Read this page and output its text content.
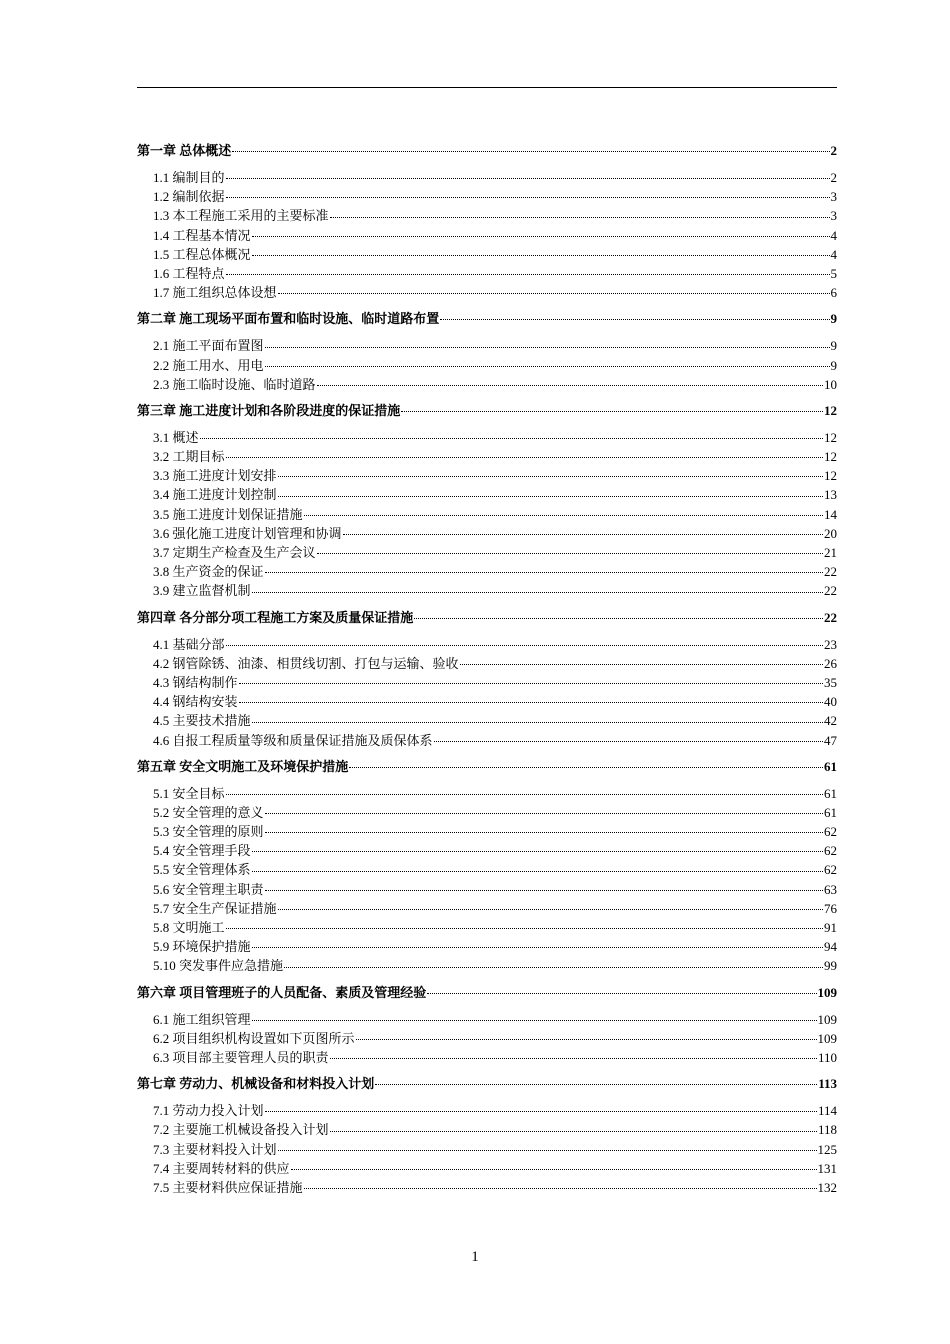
第一章 总体概述	2
1.1 编制目的	2
1.2 编制依据	3
1.3 本工程施工采用的主要标准	3
1.4 工程基本情况	4
1.5 工程总体概况	4
1.6 工程特点	5
1.7 施工组织总体设想	6
第二章 施工现场平面布置和临时设施、临时道路布置	9
2.1 施工平面布置图	9
2.2 施工用水、用电	9
2.3 施工临时设施、临时道路	10
第三章 施工进度计划和各阶段进度的保证措施	12
3.1 概述	12
3.2 工期目标	12
3.3 施工进度计划安排	12
3.4 施工进度计划控制	13
3.5 施工进度计划保证措施	14
3.6 强化施工进度计划管理和协调	20
3.7 定期生产检查及生产会议	21
3.8 生产资金的保证	22
3.9 建立监督机制	22
第四章 各分部分项工程施工方案及质量保证措施	22
4.1 基础分部	23
4.2 钢管除锈、油漆、相贯线切割、打包与运输、验收	26
4.3 钢结构制作	35
4.4 钢结构安装	40
4.5 主要技术措施	42
4.6 自报工程质量等级和质量保证措施及质保体系	47
第五章 安全文明施工及环境保护措施	61
5.1 安全目标	61
5.2 安全管理的意义	61
5.3 安全管理的原则	62
5.4 安全管理手段	62
5.5 安全管理体系	62
5.6 安全管理主职责	63
5.7 安全生产保证措施	76
5.8 文明施工	91
5.9 环境保护措施	94
5.10 突发事件应急措施	99
第六章 项目管理班子的人员配备、素质及管理经验	109
6.1 施工组织管理	109
6.2 项目组织机构设置如下页图所示	109
6.3 项目部主要管理人员的职责	110
第七章 劳动力、机械设备和材料投入计划	113
7.1 劳动力投入计划	114
7.2 主要施工机械设备投入计划	118
7.3 主要材料投入计划	125
7.4 主要周转材料的供应	131
7.5 主要材料供应保证措施	132
1
